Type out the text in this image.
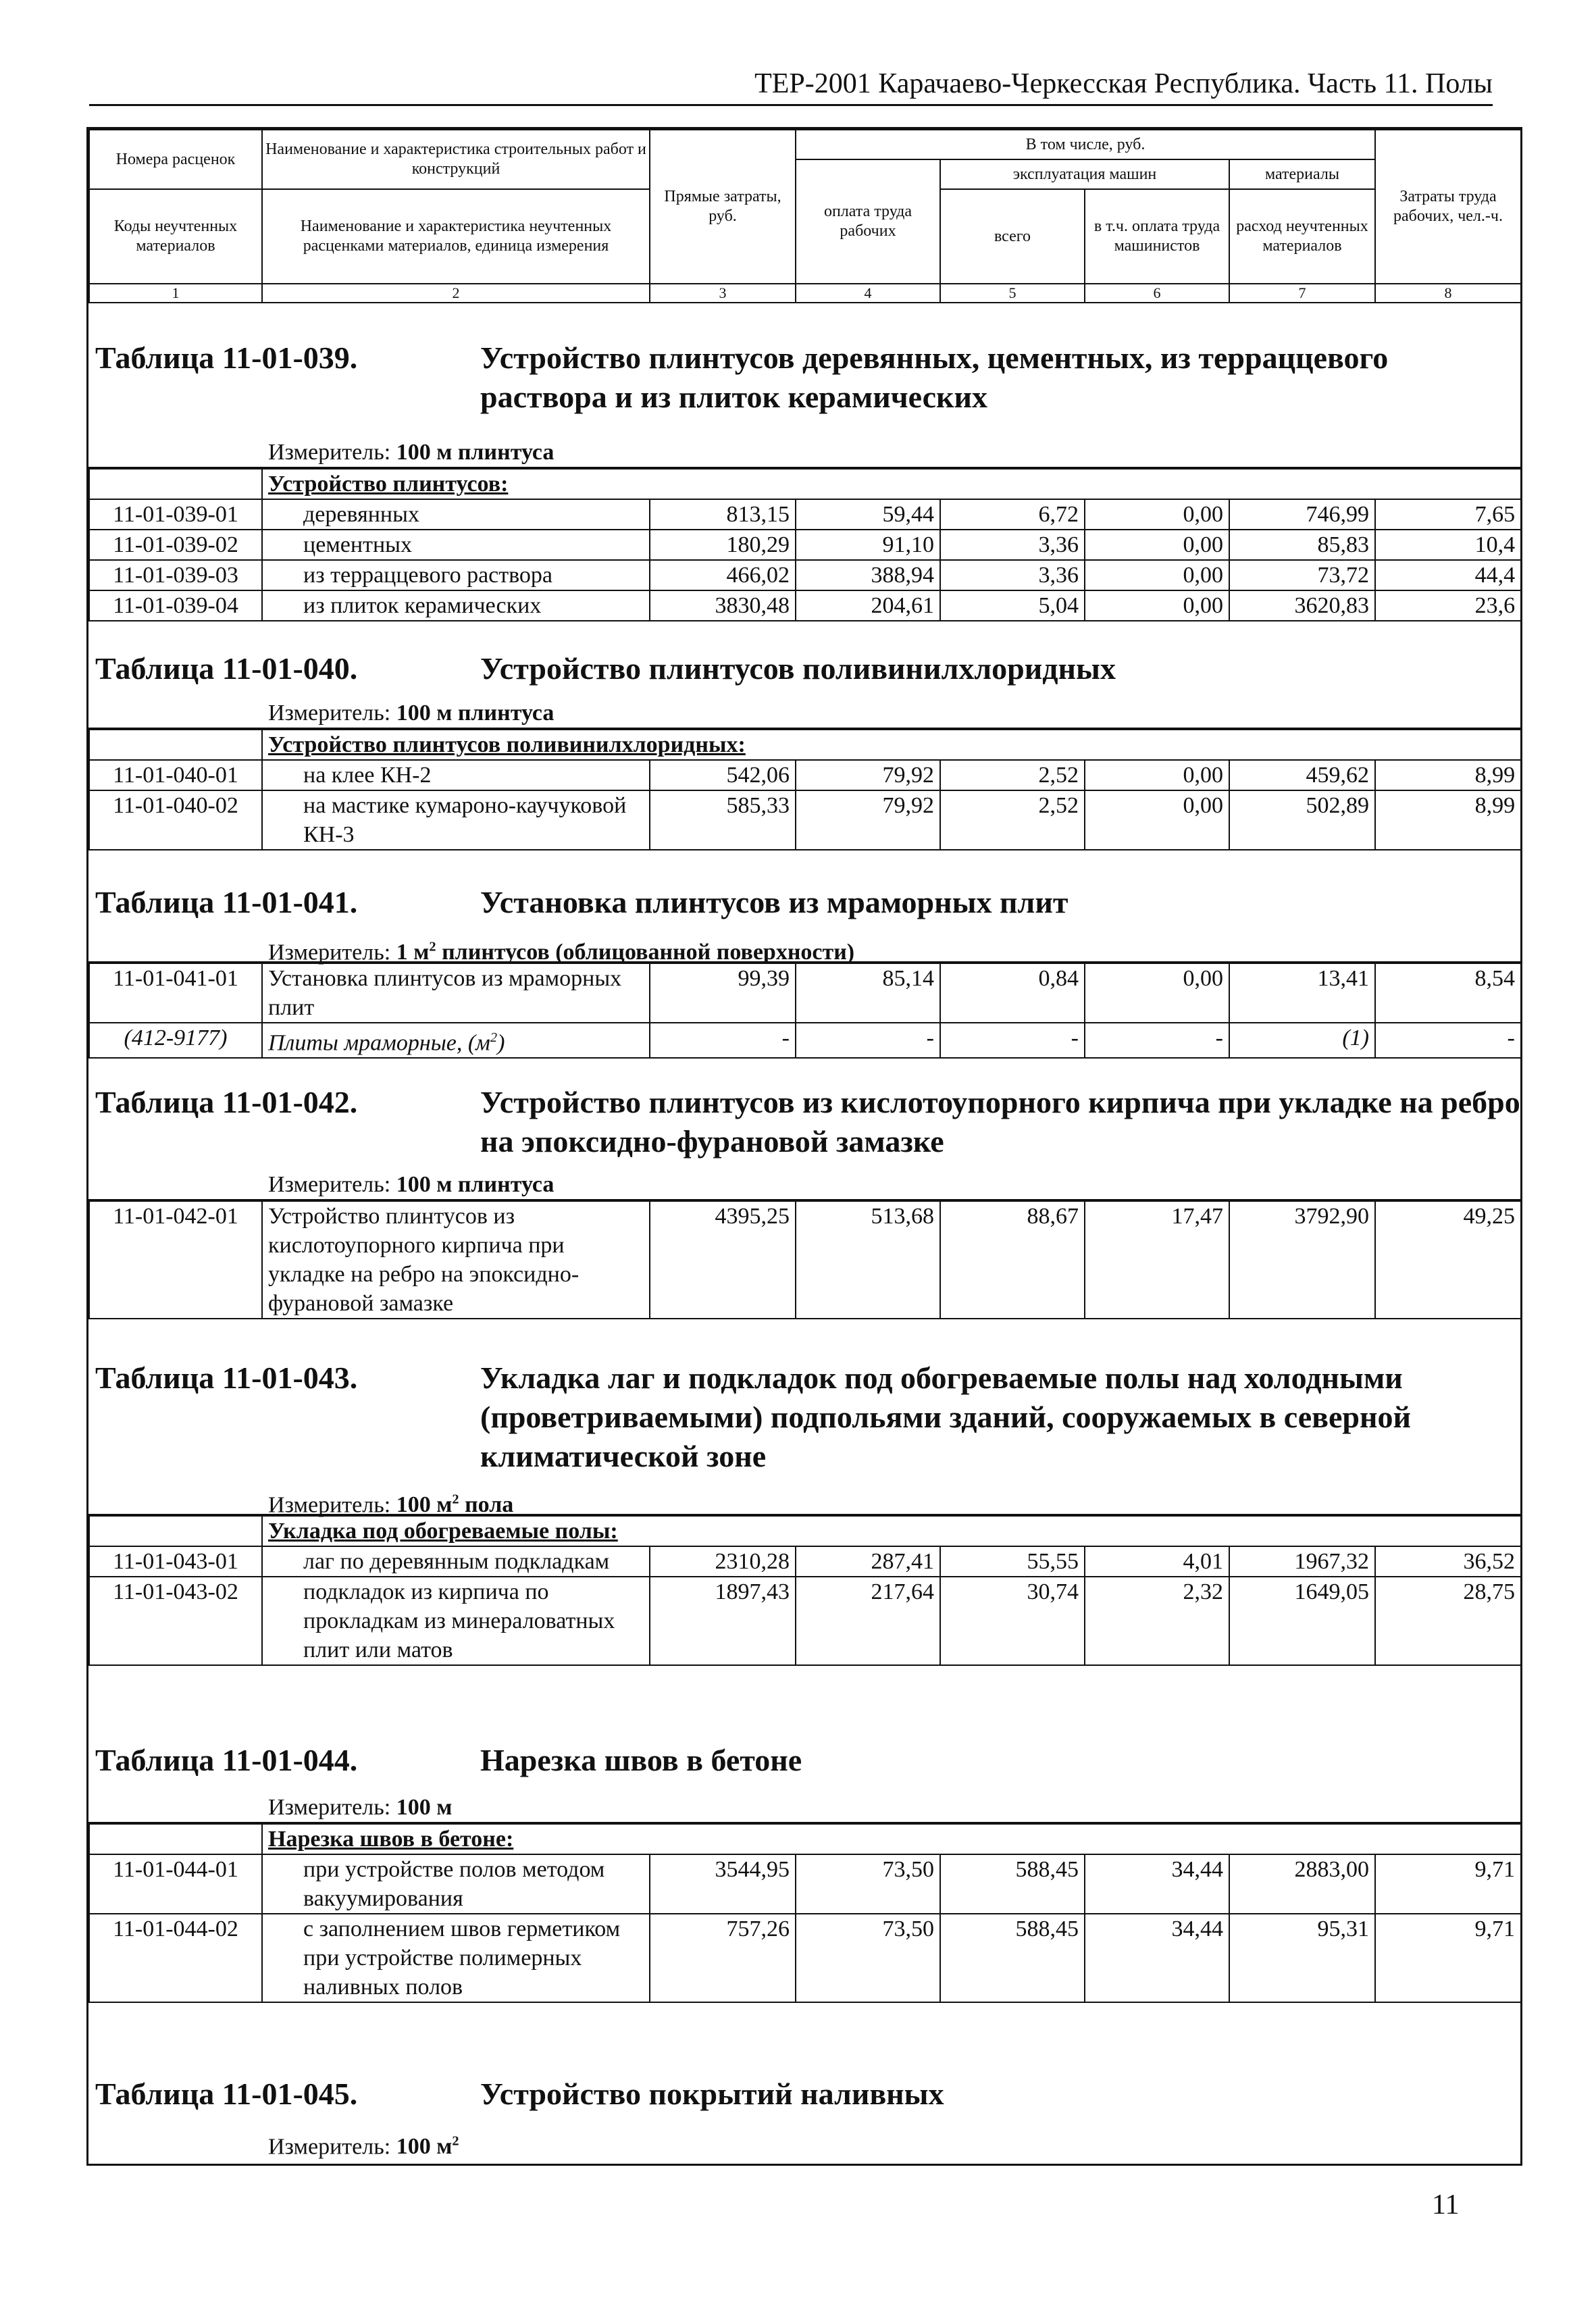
ТЕР-2001 Карачаево-Черкесская Республика. Часть 11. Полы
Номера расценок	Наименование и характеристика строительных работ и конструкций	Прямые затраты, руб.	В том числе, руб.				Затраты труда рабочих, чел.-ч.
			оплата труда рабочих	эксплуатация машин		материалы	
Коды неучтенных материалов	Наименование и характеристика неучтенных расценками материалов, единица измерения			всего	в т.ч. оплата труда машинистов	расход неучтенных материалов	

1	2	3	4	5	6	7	8
Таблица 11-01-039.	Устройство плинтусов деревянных, цементных, из терраццевого раствора и из плиток керамических
Измеритель: 100 м плинтуса
	Устройство плинтусов:						
11-01-039-01	деревянных	813,15	59,44	6,72	0,00	746,99	7,65
11-01-039-02	цементных	180,29	91,10	3,36	0,00	85,83	10,4
11-01-039-03	из терраццевого раствора	466,02	388,94	3,36	0,00	73,72	44,4
11-01-039-04	из плиток керамических	3830,48	204,61	5,04	0,00	3620,83	23,6
Таблица 11-01-040.	Устройство плинтусов поливинилхлоридных
Измеритель: 100 м плинтуса
	Устройство плинтусов поливинилхлоридных:						
11-01-040-01	на клее КН-2	542,06	79,92	2,52	0,00	459,62	8,99
11-01-040-02	на мастике кумароно-каучуковой КН-3	585,33	79,92	2,52	0,00	502,89	8,99
Таблица 11-01-041.	Установка плинтусов из мраморных плит
Измеритель: 1 $м^2$ плинтусов (облицованной поверхности)
11-01-041-01	Установка плинтусов из мраморных плит	99,39	85,14	0,84	0,00	13,41	8,54
(412-9177)	Плиты мраморные, $(м^2)$	-	-	-	-	(1)	-
Таблица 11-01-042.	Устройство плинтусов из кислотоупорного кирпича при укладке на ребро на эпоксидно-фурановой замазке
Измеритель: 100 м плинтуса
11-01-042-01	Устройство плинтусов из кислотоупорного кирпича при укладке на ребро на эпоксидно-фурановой замазке	4395,25	513,68	88,67	17,47	3792,90	49,25
Таблица 11-01-043.	Укладка лаг и подкладок под обогреваемые полы над холодными (проветриваемыми) подпольями зданий, сооружаемых в северной климатической зоне
Измеритель: 100 $м^2$ пола
	Укладка под обогреваемые полы:						
11-01-043-01	лаг по деревянным подкладкам	2310,28	287,41	55,55	4,01	1967,32	36,52
11-01-043-02	подкладок из кирпича по прокладкам из минераловатных плит или матов	1897,43	217,64	30,74	2,32	1649,05	28,75
Таблица 11-01-044.	Нарезка швов в бетоне
Измеритель: 100 м
	Нарезка швов в бетоне:						
11-01-044-01	при устройстве полов методом вакуумирования	3544,95	73,50	588,45	34,44	2883,00	9,71
11-01-044-02	с заполнением швов герметиком при устройстве полимерных наливных полов	757,26	73,50	588,45	34,44	95,31	9,71
Таблица 11-01-045.	Устройство покрытий наливных
Измеритель: 100 $м^2$
11
